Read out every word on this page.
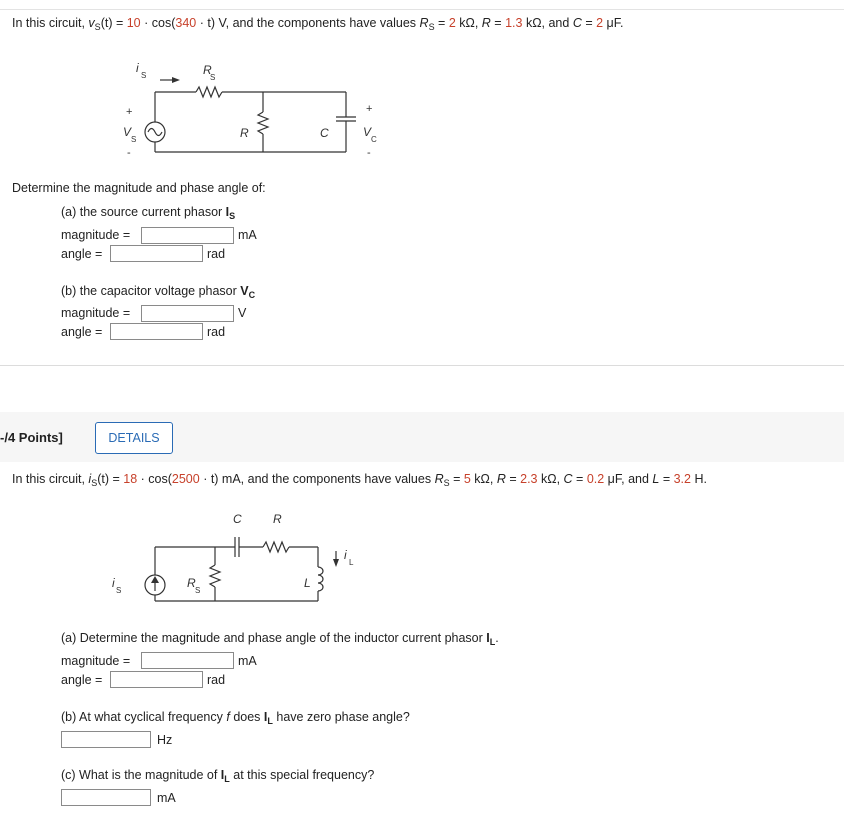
In this circuit, $v_S(t) = 10 \cdot \cos(340 \cdot t)$ V, and the components have values $R_S = 2$ kΩ, R = 1.3 kΩ, and C = 2 μF.
i
S	R
S
+
V
S
-
R	C
+
V
C
-
Determine the magnitude and phase angle of:
(a) the source current phasor $I_S$
magnitude =	mA
angle =	rad
(b) the capacitor voltage phasor $V_C$
magnitude =	V
angle =	rad
-/4 Points]	DETAILS
In this circuit, $i_S(t) = 18 \cdot \cos(2500 \cdot t)$ mA, and the components have values $R_S = 5$ kΩ, R = 2.3 kΩ, C = 0.2 μF, and L = 3.2 H.
C	R
i
S
R
S
L
i
L
(a) Determine the magnitude and phase angle of the inductor current phasor $I_L$.
magnitude =	mA
angle =	rad
(b) At what cyclical frequency f does $I_L$ have zero phase angle?
Hz
(c) What is the magnitude of $I_L$ at this special frequency?
mA
